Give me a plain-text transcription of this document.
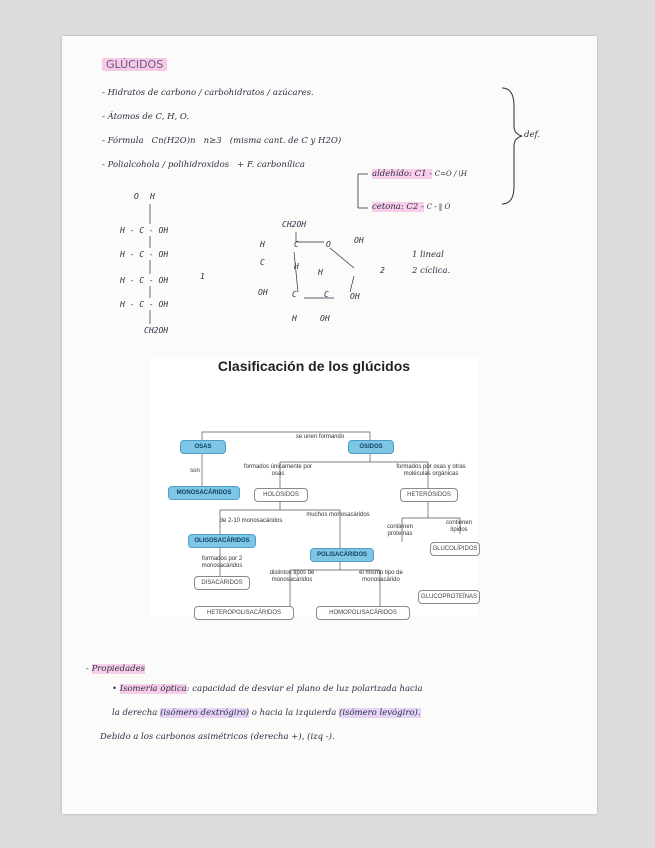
GLÚCIDOS
- Hidratos de carbono / carbohidratos / azúcares.
- Átomos de C, H, O.
- Fórmula Cn(H2O)n n≥3 (misma cant. de C y H2O)
- Polialcohola / polihidroxidos + F. carbonílica
aldehído: C1 - C=O / \H
cetona: C2 - C - ‖ O
def.
O H
H - C - OH
H - C - OH
H - C - OH
H - C - OH
CH2OH
1
CH2OH
H	C	O	OH
C	H
H
OH	C	C	OH
H	OH
2
1 lineal
2 cíclica.
Clasificación de los glúcidos
se unen formando
OSAS	ÓSIDOS
son
formados únicamente por osas
formados por osas y otras moléculas orgánicas
MONOSACÁRIDOS	HOLÓSIDOS	HETERÓSIDOS
de 2-10 monosacáridos
muchos monosacáridos
contienen proteínas
contienen lípidos
OLIGOSACÁRIDOS
POLISACÁRIDOS
formados por 2 monosacáridos
distintos tipos de monosacáridos
el mismo tipo de monosacárido
DISACÁRIDOS
GLUCOLÍPIDOS
HETEROPOLISACÁRIDOS	HOMOPOLISACÁRIDOS
GLUCOPROTEÍNAS
- Propiedades
• Isomería óptica: capacidad de desviar el plano de luz polarizada hacia
la derecha (isómero dextrógiro) o hacia la izquierda (isómero levógiro).
Debido a los carbonos asimétricos (derecha +), (izq -).
